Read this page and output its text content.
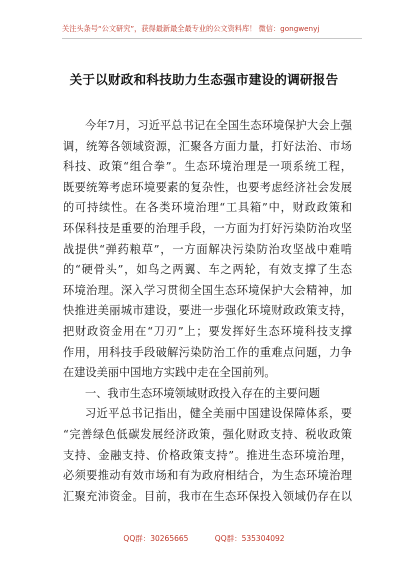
关注头条号“公文研究”，获得最新最全最专业的公文资料库！ 微信：gongwenyj
关于以财政和科技助力生态强市建设的调研报告
今年7月，习近平总书记在全国生态环境保护大会上强
调，统筹各领域资源，汇聚各方面力量，打好法治、市场
科技、政策“组合拳”。生态环境治理是一项系统工程，
既要统筹考虑环境要素的复杂性，也要考虑经济社会发展
的可持续性。在各类环境治理“工具箱”中，财政政策和
环保科技是重要的治理手段，一方面为打好污染防治攻坚
战提供“弹药粮草”，一方面解决污染防治攻坚战中难啃
的“硬骨头”，如鸟之两翼、车之两轮，有效支撑了生态
环境治理。深入学习贯彻全国生态环境保护大会精神，加
快推进美丽城市建设，要进一步强化环境财政政策支持，
把财政资金用在“刀刃”上；要发挥好生态环境科技支撑
作用，用科技手段破解污染防治工作的重难点问题，力争
在建设美丽中国地方实践中走在全国前列。
一、我市生态环境领域财政投入存在的主要问题
习近平总书记指出，健全美丽中国建设保障体系，要
“完善绿色低碳发展经济政策，强化财政支持、税收政策
支持、金融支持、价格政策支持”。推进生态环境治理，
必须要推动有效市场和有为政府相结合，为生态环境治理
汇聚充沛资金。目前，我市在生态环保投入领域仍存在以
QQ群：30265665	QQ群：535304092
